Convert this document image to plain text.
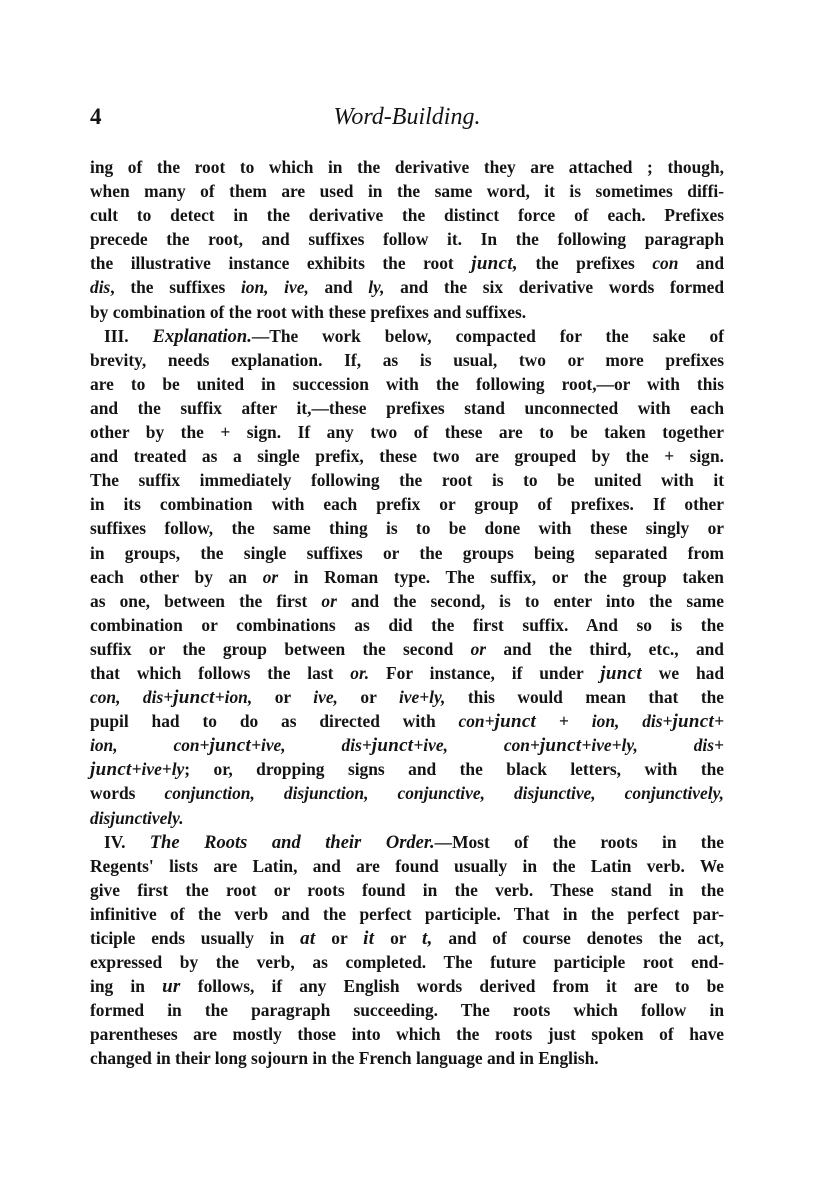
4	Word-Building.
ing of the root to which in the derivative they are attached ; though,
when many of them are used in the same word, it is sometimes diffi-
cult to detect in the derivative the distinct force of each. Prefixes
precede the root, and suffixes follow it. In the following paragraph
the illustrative instance exhibits the root junct, the prefixes con and
dis, the suffixes ion, ive, and ly, and the six derivative words formed
by combination of the root with these prefixes and suffixes.
III. Explanation.—The work below, compacted for the sake of
brevity, needs explanation. If, as is usual, two or more prefixes
are to be united in succession with the following root,—or with this
and the suffix after it,—these prefixes stand unconnected with each
other by the + sign. If any two of these are to be taken together
and treated as a single prefix, these two are grouped by the + sign.
The suffix immediately following the root is to be united with it
in its combination with each prefix or group of prefixes. If other
suffixes follow, the same thing is to be done with these singly or
in groups, the single suffixes or the groups being separated from
each other by an or in Roman type. The suffix, or the group taken
as one, between the first or and the second, is to enter into the same
combination or combinations as did the first suffix. And so is the
suffix or the group between the second or and the third, etc., and
that which follows the last or. For instance, if under junct we had
con, dis+junct+ion, or ive, or ive+ly, this would mean that the
pupil had to do as directed with con+junct + ion, dis+junct+
ion,	con+junct+ive,	dis+junct+ive,	con+junct+ive+ly,	dis+
junct+ive+ly; or, dropping signs and the black letters, with the
words conjunction, disjunction, conjunctive, disjunctive, conjunctively,
disjunctively.
IV. The Roots and their Order.—Most of the roots in the
Regents' lists are Latin, and are found usually in the Latin verb. We
give first the root or roots found in the verb. These stand in the
infinitive of the verb and the perfect participle. That in the perfect par-
ticiple ends usually in at or it or t, and of course denotes the act,
expressed by the verb, as completed. The future participle root end-
ing in ur follows, if any English words derived from it are to be
formed in the paragraph succeeding. The roots which follow in
parentheses are mostly those into which the roots just spoken of have
changed in their long sojourn in the French language and in English.
